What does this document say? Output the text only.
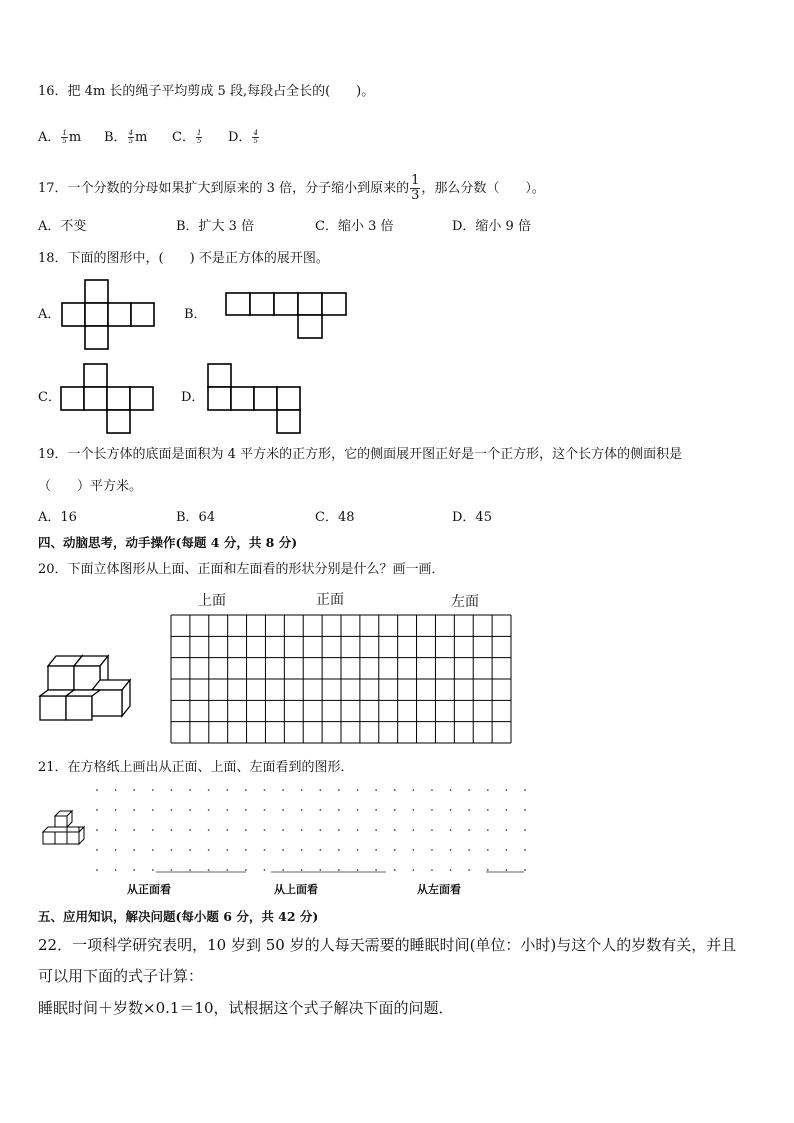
16．把 4m 长的绳子平均剪成 5 段,每段占全长的(　　)。
A． $\frac{1}{5}$ m B． $\frac{4}{5}$ m C． $\frac{1}{5}$ D． $\frac{4}{5}$
17．一个分数的分母如果扩大到原来的 3 倍，分子缩小到原来的 $\frac{1}{3}$ ，那么分数（　　）。
A．不变	B．扩大 3 倍	C．缩小 3 倍	D．缩小 9 倍
18．下面的图形中，(　　) 不是正方体的展开图。
A．	B．
C．	D．
19．一个长方体的底面是面积为 4 平方米的正方形，它的侧面展开图正好是一个正方形，这个长方体的侧面积是
（　　）平方米。
A．16	B．64	C．48	D．45
四、动脑思考，动手操作(每题 4 分，共 8 分)
20．下面立体图形从上面、正面和左面看的形状分别是什么？画一画．
上面	正面	左面
21．在方格纸上画出从正面、上面、左面看到的图形．
从正面看	从上面看	从左面看
五、应用知识，解决问题(每小题 6 分，共 42 分)
22．一项科学研究表明，10 岁到 50 岁的人每天需要的睡眠时间(单位：小时)与这个人的岁数有关，并且
可以用下面的式子计算：
睡眠时间＋岁数×0.1＝10，试根据这个式子解决下面的问题．
